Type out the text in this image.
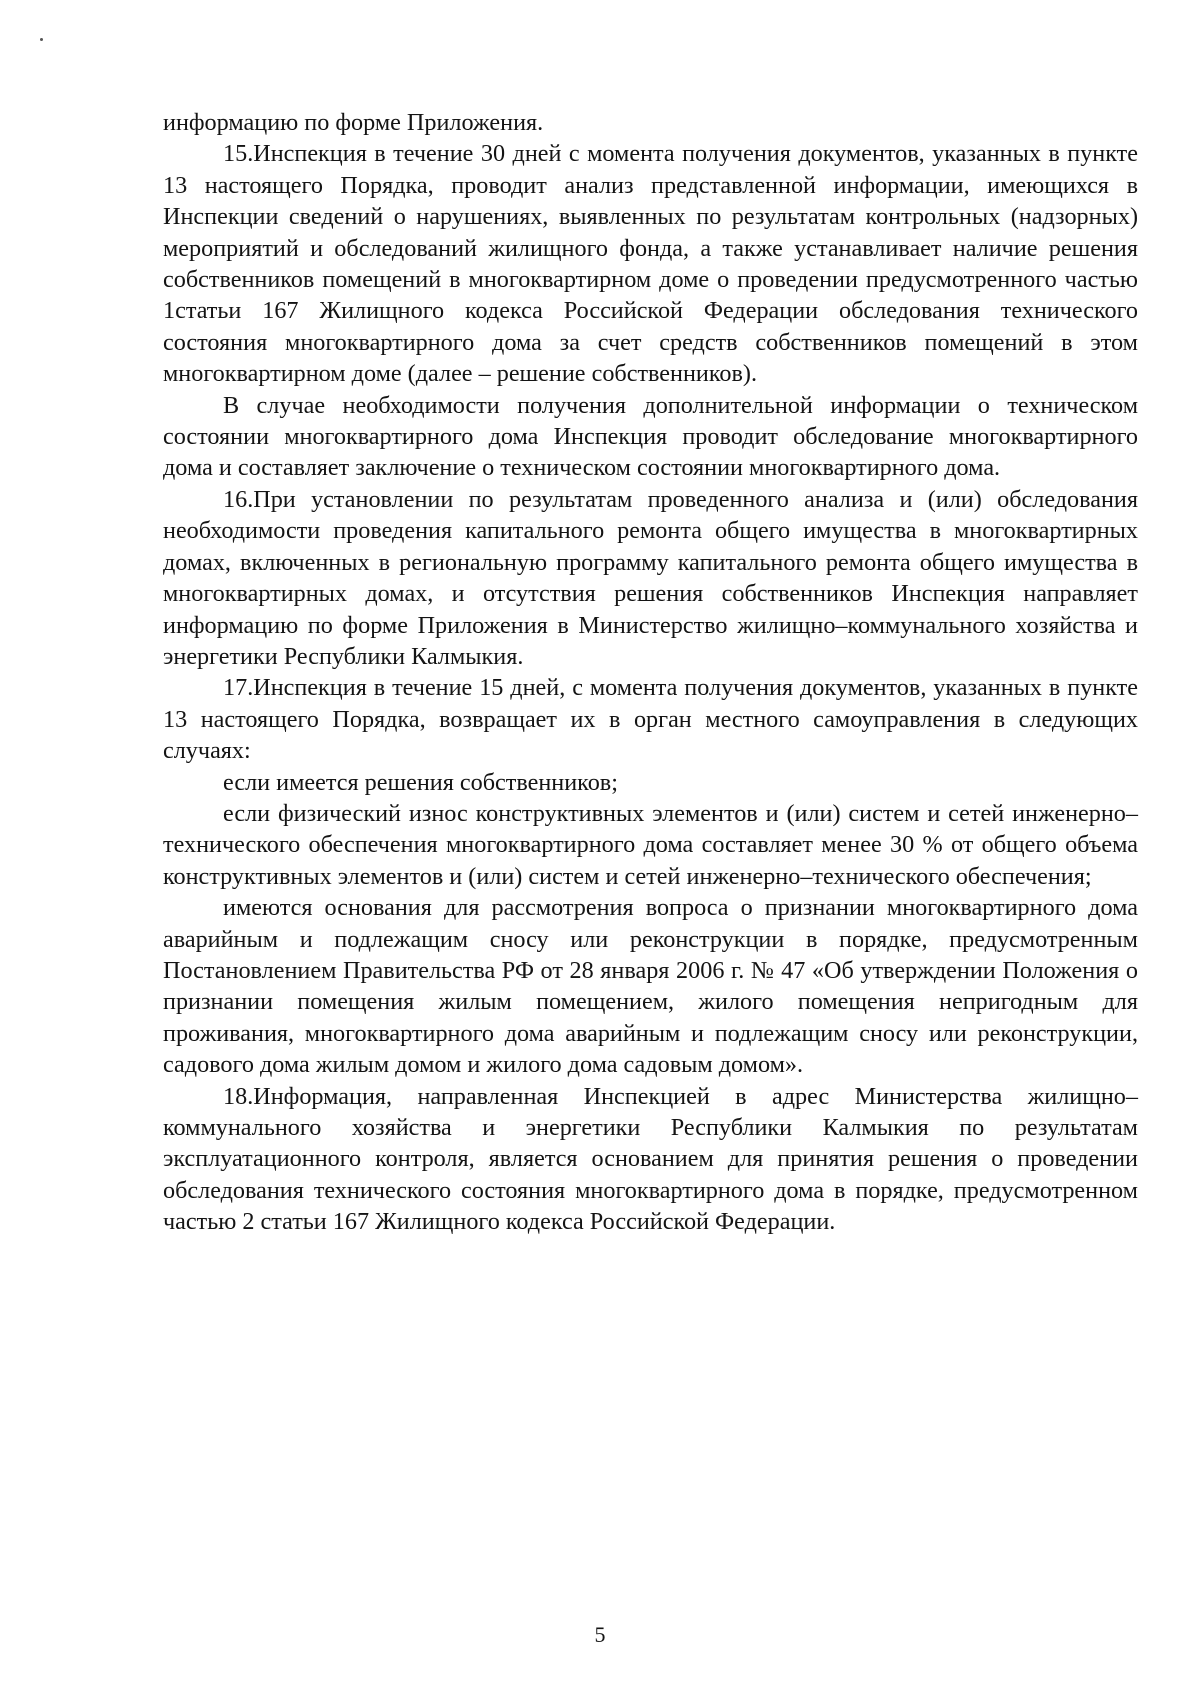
информацию по форме Приложения.

15.Инспекция в течение 30 дней с момента получения документов, указанных в пункте 13 настоящего Порядка, проводит анализ представленной информации, имеющихся в Инспекции сведений о нарушениях, выявленных по результатам контрольных (надзорных) мероприятий и обследований жилищного фонда, а также устанавливает наличие решения собственников помещений в многоквартирном доме о проведении предусмотренного частью 1статьи 167 Жилищного кодекса Российской Федерации обследования технического состояния многоквартирного дома за счет средств собственников помещений в этом многоквартирном доме (далее – решение собственников).

В случае необходимости получения дополнительной информации о техническом состоянии многоквартирного дома Инспекция проводит обследование многоквартирного дома и составляет заключение о техническом состоянии многоквартирного дома.

16.При установлении по результатам проведенного анализа и (или) обследования необходимости проведения капитального ремонта общего имущества в многоквартирных домах, включенных в региональную программу капитального ремонта общего имущества в многоквартирных домах, и отсутствия решения собственников Инспекция направляет информацию по форме Приложения в Министерство жилищно–коммунального хозяйства и энергетики Республики Калмыкия.

17.Инспекция в течение 15 дней, с момента получения документов, указанных в пункте 13 настоящего Порядка, возвращает их в орган местного самоуправления в следующих случаях:

если имеется решения собственников;

если физический износ конструктивных элементов и (или) систем и сетей инженерно–технического обеспечения многоквартирного дома составляет менее 30 % от общего объема конструктивных элементов и (или) систем и сетей инженерно–технического обеспечения;

имеются основания для рассмотрения вопроса о признании многоквартирного дома аварийным и подлежащим сносу или реконструкции в порядке, предусмотренным Постановлением Правительства РФ от 28 января 2006 г. № 47 «Об утверждении Положения о признании помещения жилым помещением, жилого помещения непригодным для проживания, многоквартирного дома аварийным и подлежащим сносу или реконструкции, садового дома жилым домом и жилого дома садовым домом».

18.Информация, направленная Инспекцией в адрес Министерства жилищно–коммунального хозяйства и энергетики Республики Калмыкия по результатам эксплуатационного контроля, является основанием для принятия решения о проведении обследования технического состояния многоквартирного дома в порядке, предусмотренном частью 2 статьи 167 Жилищного кодекса Российской Федерации.

5
